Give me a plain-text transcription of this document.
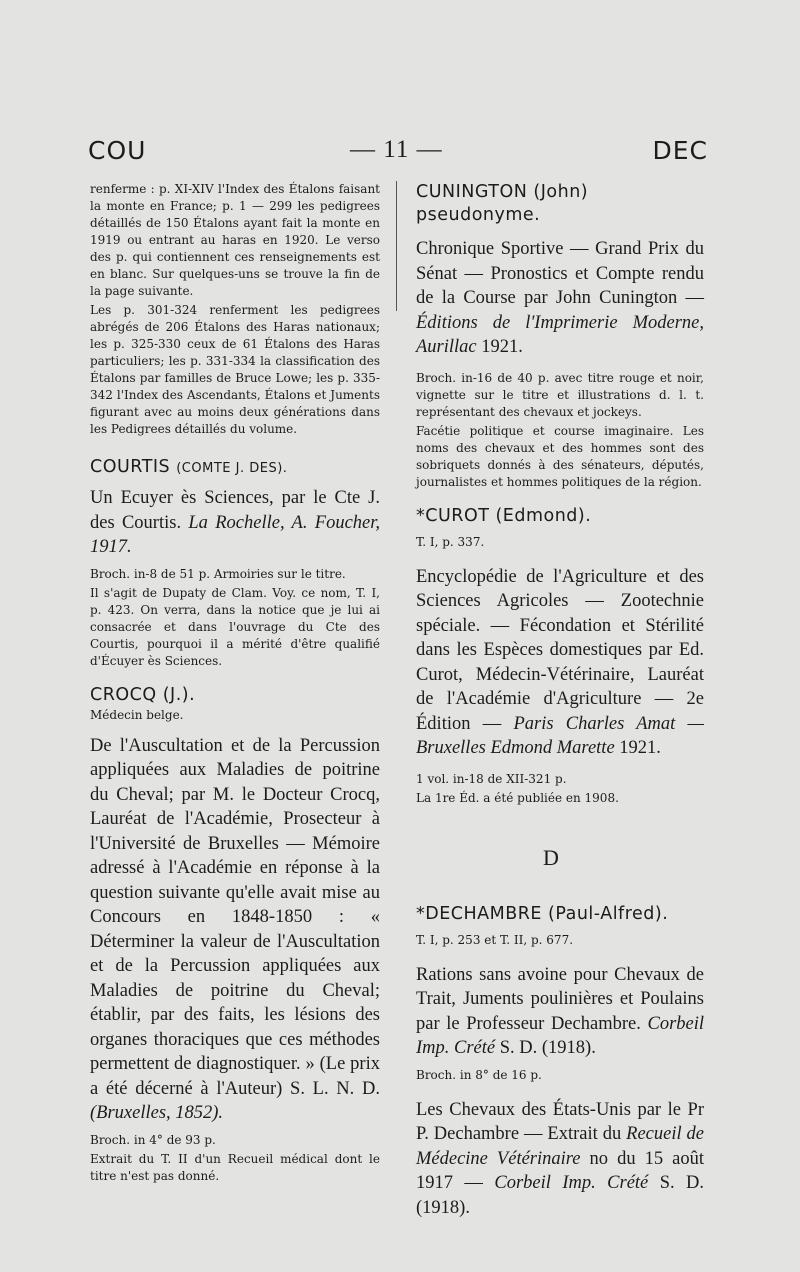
COU	— 11 —	DEC

renferme : p. XI-XIV l'Index des Étalons faisant la monte en France; p. 1 — 299 les pedigrees détaillés de 150 Étalons ayant fait la monte en 1919 ou entrant au haras en 1920. Le verso des p. qui contiennent ces renseignements est en blanc. Sur quelques-uns se trouve la fin de la page suivante.

Les p. 301-324 renferment les pedigrees abrégés de 206 Étalons des Haras nationaux; les p. 325-330 ceux de 61 Étalons des Haras particuliers; les p. 331-334 la classification des Étalons par familles de Bruce Lowe; les p. 335-342 l'Index des Ascendants, Étalons et Juments figurant avec au moins deux générations dans les Pedigrees détaillés du volume.

COURTIS (COMTE J. DES).

Un Ecuyer ès Sciences, par le Cte J. des Courtis. La Rochelle, A. Foucher, 1917.

Broch. in-8 de 51 p. Armoiries sur le titre.

Il s'agit de Dupaty de Clam. Voy. ce nom, T. I, p. 423. On verra, dans la notice que je lui ai consacrée et dans l'ouvrage du Cte des Courtis, pourquoi il a mérité d'être qualifié d'Écuyer ès Sciences.

CROCQ (J.).

Médecin belge.

De l'Auscultation et de la Percussion appliquées aux Maladies de poitrine du Cheval; par M. le Docteur Crocq, Lauréat de l'Académie, Prosecteur à l'Université de Bruxelles — Mémoire adressé à l'Académie en réponse à la question suivante qu'elle avait mise au Concours en 1848-1850 : « Déterminer la valeur de l'Auscultation et de la Percussion appliquées aux Maladies de poitrine du Cheval; établir, par des faits, les lésions des organes thoraciques que ces méthodes permettent de diagnostiquer. » (Le prix a été décerné à l'Auteur) S. L. N. D. (Bruxelles, 1852).

Broch. in 4° de 93 p.

Extrait du T. II d'un Recueil médical dont le titre n'est pas donné.

CUNINGTON (John) pseudonyme.

Chronique Sportive — Grand Prix du Sénat — Pronostics et Compte rendu de la Course par John Cunington — Éditions de l'Imprimerie Moderne, Aurillac 1921.

Broch. in-16 de 40 p. avec titre rouge et noir, vignette sur le titre et illustrations d. l. t. représentant des chevaux et jockeys.

Facétie politique et course imaginaire. Les noms des chevaux et des hommes sont des sobriquets donnés à des sénateurs, députés, journalistes et hommes politiques de la région.

*CUROT (Edmond).

T. I, p. 337.

Encyclopédie de l'Agriculture et des Sciences Agricoles — Zootechnie spéciale. — Fécondation et Stérilité dans les Espèces domestiques par Ed. Curot, Médecin-Vétérinaire, Lauréat de l'Académie d'Agriculture — 2e Édition — Paris Charles Amat — Bruxelles Edmond Marette 1921.

1 vol. in-18 de XII-321 p.

La 1re Éd. a été publiée en 1908.

D

*DECHAMBRE (Paul-Alfred).

T. I, p. 253 et T. II, p. 677.

Rations sans avoine pour Chevaux de Trait, Juments poulinières et Poulains par le Professeur Dechambre. Corbeil Imp. Crété S. D. (1918).

Broch. in 8° de 16 p.

Les Chevaux des États-Unis par le Pr P. Dechambre — Extrait du Recueil de Médecine Vétérinaire no du 15 août 1917 — Corbeil Imp. Crété S. D. (1918).
